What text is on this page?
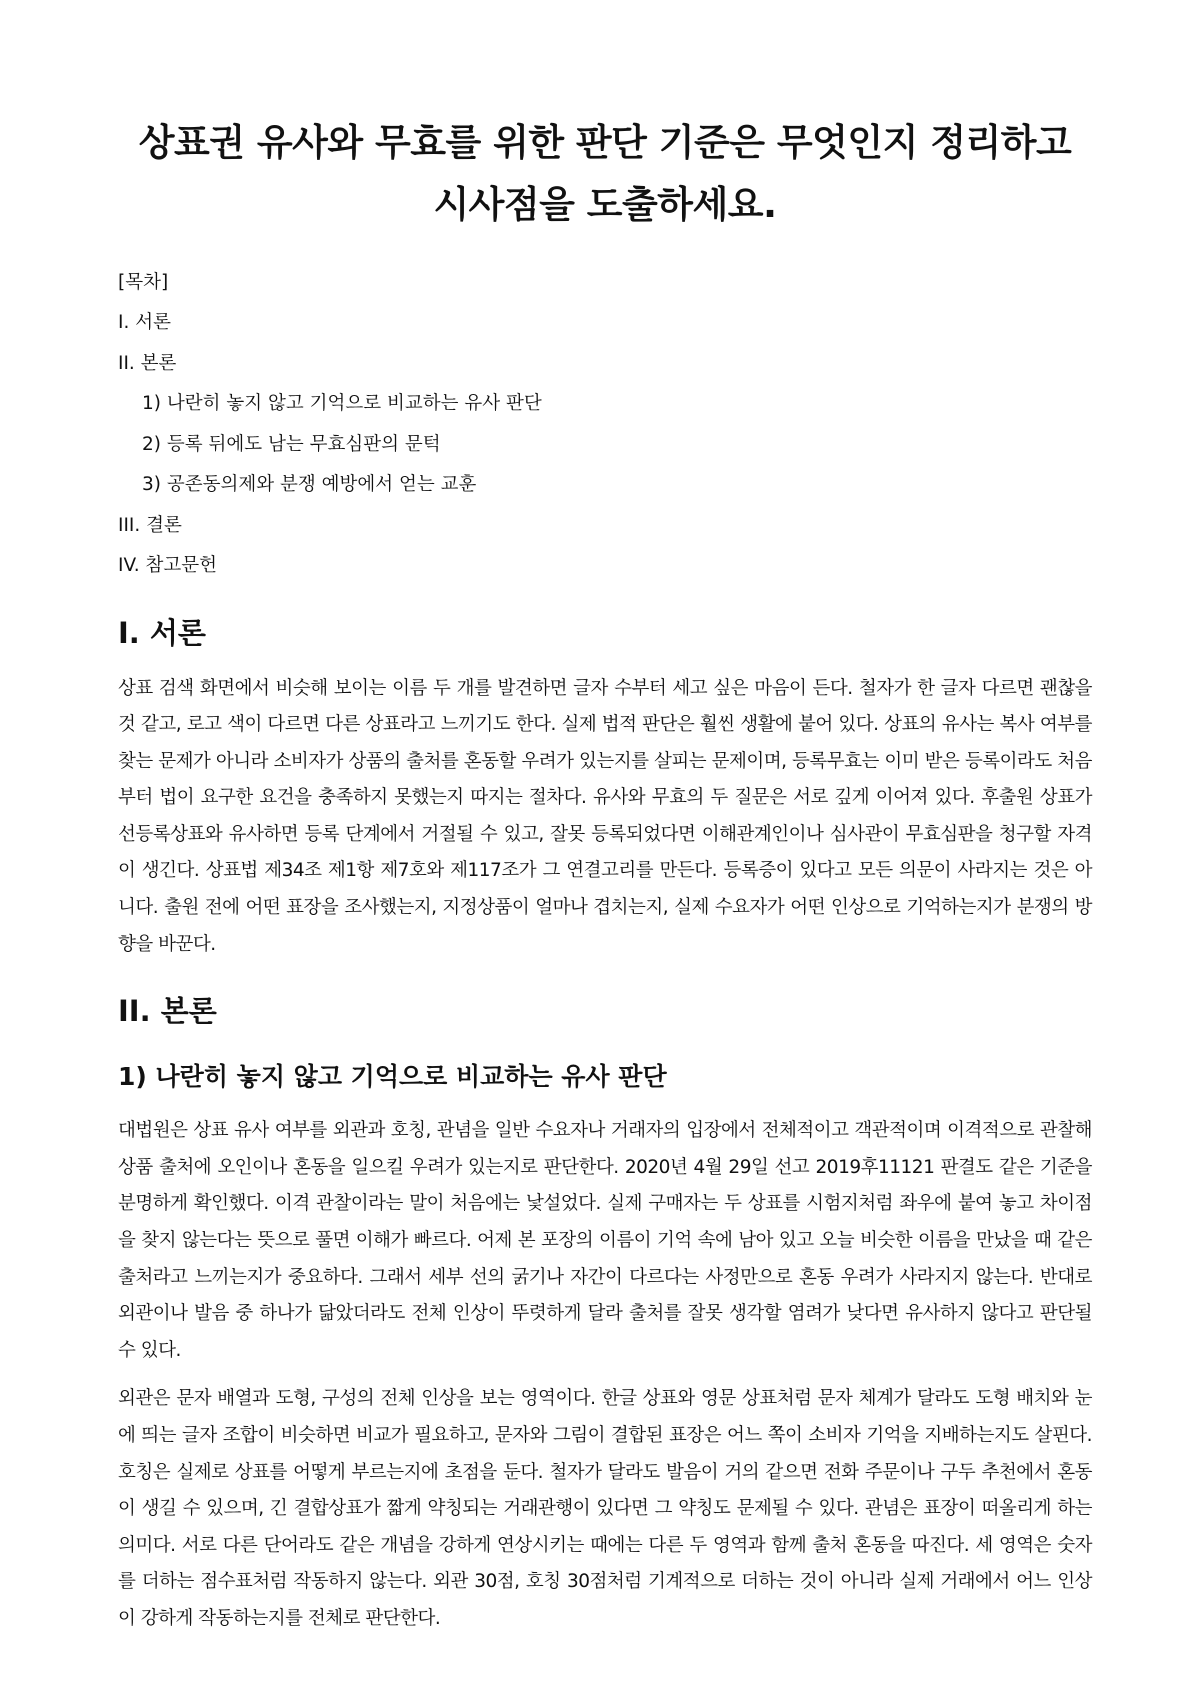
상표권 유사와 무효를 위한 판단 기준은 무엇인지 정리하고 시사점을 도출하세요.
[목차]
I. 서론
II. 본론
1) 나란히 놓지 않고 기억으로 비교하는 유사 판단
2) 등록 뒤에도 남는 무효심판의 문턱
3) 공존동의제와 분쟁 예방에서 얻는 교훈
III. 결론
IV. 참고문헌
I. 서론

상표 검색 화면에서 비슷해 보이는 이름 두 개를 발견하면 글자 수부터 세고 싶은 마음이 든다. 철자가 한 글자 다르면 괜찮을 것 같고, 로고 색이 다르면 다른 상표라고 느끼기도 한다. 실제 법적 판단은 훨씬 생활에 붙어 있다. 상표의 유사는 복사 여부를 찾는 문제가 아니라 소비자가 상품의 출처를 혼동할 우려가 있는지를 살피는 문제이며, 등록무효는 이미 받은 등록이라도 처음부터 법이 요구한 요건을 충족하지 못했는지 따지는 절차다. 유사와 무효의 두 질문은 서로 깊게 이어져 있다. 후출원 상표가 선등록상표와 유사하면 등록 단계에서 거절될 수 있고, 잘못 등록되었다면 이해관계인이나 심사관이 무효심판을 청구할 자격이 생긴다. 상표법 제34조 제1항 제7호와 제117조가 그 연결고리를 만든다. 등록증이 있다고 모든 의문이 사라지는 것은 아니다. 출원 전에 어떤 표장을 조사했는지, 지정상품이 얼마나 겹치는지, 실제 수요자가 어떤 인상으로 기억하는지가 분쟁의 방향을 바꾼다.

II. 본론
1) 나란히 놓지 않고 기억으로 비교하는 유사 판단

대법원은 상표 유사 여부를 외관과 호칭, 관념을 일반 수요자나 거래자의 입장에서 전체적이고 객관적이며 이격적으로 관찰해 상품 출처에 오인이나 혼동을 일으킬 우려가 있는지로 판단한다. 2020년 4월 29일 선고 2019후11121 판결도 같은 기준을 분명하게 확인했다. 이격 관찰이라는 말이 처음에는 낯설었다. 실제 구매자는 두 상표를 시험지처럼 좌우에 붙여 놓고 차이점을 찾지 않는다는 뜻으로 풀면 이해가 빠르다. 어제 본 포장의 이름이 기억 속에 남아 있고 오늘 비슷한 이름을 만났을 때 같은 출처라고 느끼는지가 중요하다. 그래서 세부 선의 굵기나 자간이 다르다는 사정만으로 혼동 우려가 사라지지 않는다. 반대로 외관이나 발음 중 하나가 닮았더라도 전체 인상이 뚜렷하게 달라 출처를 잘못 생각할 염려가 낮다면 유사하지 않다고 판단될 수 있다.

외관은 문자 배열과 도형, 구성의 전체 인상을 보는 영역이다. 한글 상표와 영문 상표처럼 문자 체계가 달라도 도형 배치와 눈에 띄는 글자 조합이 비슷하면 비교가 필요하고, 문자와 그림이 결합된 표장은 어느 쪽이 소비자 기억을 지배하는지도 살핀다. 호칭은 실제로 상표를 어떻게 부르는지에 초점을 둔다. 철자가 달라도 발음이 거의 같으면 전화 주문이나 구두 추천에서 혼동이 생길 수 있으며, 긴 결합상표가 짧게 약칭되는 거래관행이 있다면 그 약칭도 문제될 수 있다. 관념은 표장이 떠올리게 하는 의미다. 서로 다른 단어라도 같은 개념을 강하게 연상시키는 때에는 다른 두 영역과 함께 출처 혼동을 따진다. 세 영역은 숫자를 더하는 점수표처럼 작동하지 않는다. 외관 30점, 호칭 30점처럼 기계적으로 더하는 것이 아니라 실제 거래에서 어느 인상이 강하게 작동하는지를 전체로 판단한다.
